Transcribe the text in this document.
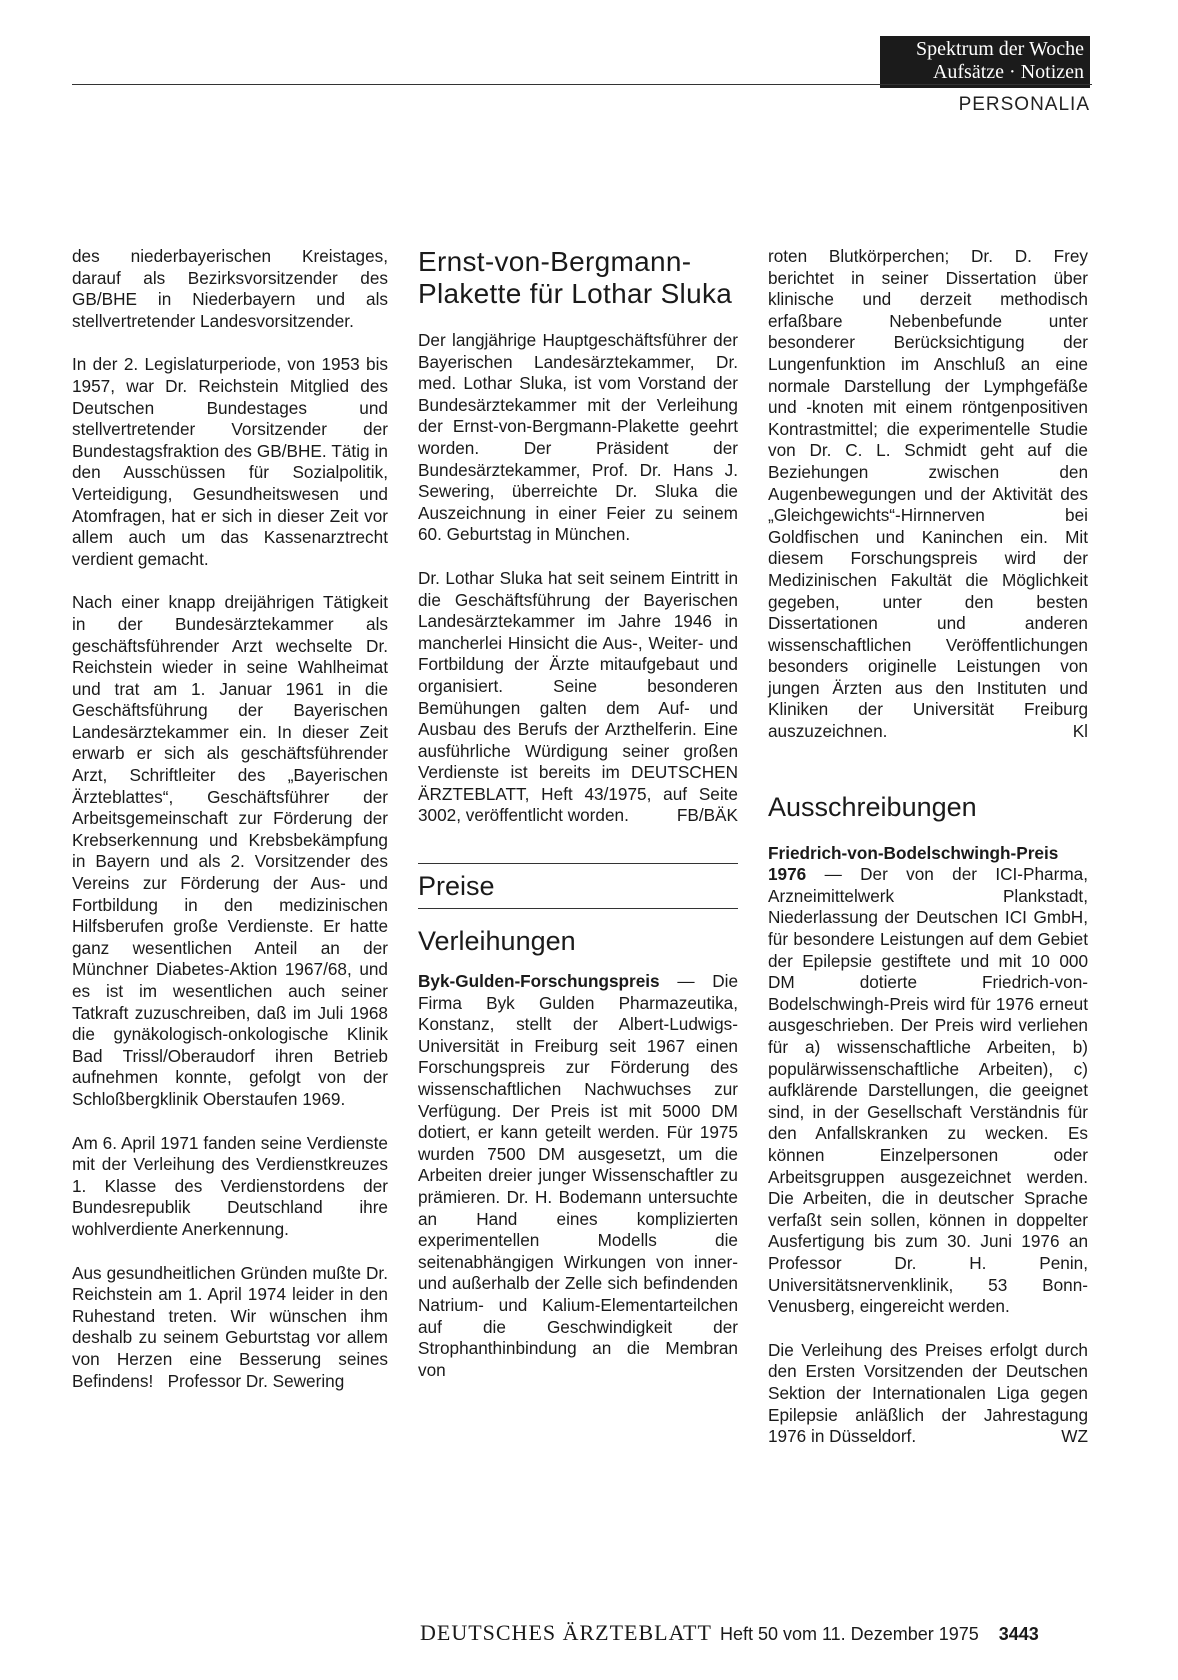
Spektrum der Woche
Aufsätze · Notizen
PERSONALIA

des niederbayerischen Kreistages, darauf als Bezirksvorsitzender des GB/BHE in Niederbayern und als stellvertretender Landesvorsitzender.

In der 2. Legislaturperiode, von 1953 bis 1957, war Dr. Reichstein Mitglied des Deutschen Bundestages und stellvertretender Vorsitzender der Bundestagsfraktion des GB/BHE. Tätig in den Ausschüssen für Sozialpolitik, Verteidigung, Gesundheitswesen und Atomfragen, hat er sich in dieser Zeit vor allem auch um das Kassenarztrecht verdient gemacht.

Nach einer knapp dreijährigen Tätigkeit in der Bundesärztekammer als geschäftsführender Arzt wechselte Dr. Reichstein wieder in seine Wahlheimat und trat am 1. Januar 1961 in die Geschäftsführung der Bayerischen Landesärztekammer ein. In dieser Zeit erwarb er sich als geschäftsführender Arzt, Schriftleiter des „Bayerischen Ärzteblattes“, Geschäftsführer der Arbeitsgemeinschaft zur Förderung der Krebserkennung und Krebsbekämpfung in Bayern und als 2. Vorsitzender des Vereins zur Förderung der Aus- und Fortbildung in den medizinischen Hilfsberufen große Verdienste. Er hatte ganz wesentlichen Anteil an der Münchner Diabetes-Aktion 1967/68, und es ist im wesentlichen auch seiner Tatkraft zuzuschreiben, daß im Juli 1968 die gynäkologisch-onkologische Klinik Bad Trissl/Oberaudorf ihren Betrieb aufnehmen konnte, gefolgt von der Schloßbergklinik Oberstaufen 1969.

Am 6. April 1971 fanden seine Verdienste mit der Verleihung des Verdienstkreuzes 1. Klasse des Verdienstordens der Bundesrepublik Deutschland ihre wohlverdiente Anerkennung.

Aus gesundheitlichen Gründen mußte Dr. Reichstein am 1. April 1974 leider in den Ruhestand treten. Wir wünschen ihm deshalb zu seinem Geburtstag vor allem von Herzen eine Besserung seines Befindens! Professor Dr. Sewering

Ernst-von-Bergmann-Plakette für Lothar Sluka

Der langjährige Hauptgeschäftsführer der Bayerischen Landesärztekammer, Dr. med. Lothar Sluka, ist vom Vorstand der Bundesärztekammer mit der Verleihung der Ernst-von-Bergmann-Plakette geehrt worden. Der Präsident der Bundesärztekammer, Prof. Dr. Hans J. Sewering, überreichte Dr. Sluka die Auszeichnung in einer Feier zu seinem 60. Geburtstag in München.

Dr. Lothar Sluka hat seit seinem Eintritt in die Geschäftsführung der Bayerischen Landesärztekammer im Jahre 1946 in mancherlei Hinsicht die Aus-, Weiter- und Fortbildung der Ärzte mitaufgebaut und organisiert. Seine besonderen Bemühungen galten dem Auf- und Ausbau des Berufs der Arzthelferin. Eine ausführliche Würdigung seiner großen Verdienste ist bereits im DEUTSCHEN ÄRZTEBLATT, Heft 43/1975, auf Seite 3002, veröffentlicht worden.	FB/BÄK

Preise
Verleihungen

Byk-Gulden-Forschungspreis — Die Firma Byk Gulden Pharmazeutika, Konstanz, stellt der Albert-Ludwigs-Universität in Freiburg seit 1967 einen Forschungspreis zur Förderung des wissenschaftlichen Nachwuchses zur Verfügung. Der Preis ist mit 5000 DM dotiert, er kann geteilt werden. Für 1975 wurden 7500 DM ausgesetzt, um die Arbeiten dreier junger Wissenschaftler zu prämieren. Dr. H. Bodemann untersuchte an Hand eines komplizierten experimentellen Modells die seitenabhängigen Wirkungen von inner- und außerhalb der Zelle sich befindenden Natrium- und Kalium-Elementarteilchen auf die Geschwindigkeit der Strophanthinbindung an die Membran von

roten Blutkörperchen; Dr. D. Frey berichtet in seiner Dissertation über klinische und derzeit methodisch erfaßbare Nebenbefunde unter besonderer Berücksichtigung der Lungenfunktion im Anschluß an eine normale Darstellung der Lymphgefäße und -knoten mit einem röntgenpositiven Kontrastmittel; die experimentelle Studie von Dr. C. L. Schmidt geht auf die Beziehungen zwischen den Augenbewegungen und der Aktivität des „Gleichgewichts“-Hirnnerven bei Goldfischen und Kaninchen ein. Mit diesem Forschungspreis wird der Medizinischen Fakultät die Möglichkeit gegeben, unter den besten Dissertationen und anderen wissenschaftlichen Veröffentlichungen besonders originelle Leistungen von jungen Ärzten aus den Instituten und Kliniken der Universität Freiburg auszuzeichnen.	Kl

Ausschreibungen

Friedrich-von-Bodelschwingh-Preis 1976 — Der von der ICI-Pharma, Arzneimittelwerk Plankstadt, Niederlassung der Deutschen ICI GmbH, für besondere Leistungen auf dem Gebiet der Epilepsie gestiftete und mit 10 000 DM dotierte Friedrich-von-Bodelschwingh-Preis wird für 1976 erneut ausgeschrieben. Der Preis wird verliehen für a) wissenschaftliche Arbeiten, b) populärwissenschaftliche Arbeiten), c) aufklärende Darstellungen, die geeignet sind, in der Gesellschaft Verständnis für den Anfallskranken zu wecken. Es können Einzelpersonen oder Arbeitsgruppen ausgezeichnet werden. Die Arbeiten, die in deutscher Sprache verfaßt sein sollen, können in doppelter Ausfertigung bis zum 30. Juni 1976 an Professor Dr. H. Penin, Universitätsnervenklinik, 53 Bonn-Venusberg, eingereicht werden.

Die Verleihung des Preises erfolgt durch den Ersten Vorsitzenden der Deutschen Sektion der Internationalen Liga gegen Epilepsie anläßlich der Jahrestagung 1976 in Düsseldorf.	WZ

DEUTSCHES ÄRZTEBLATT Heft 50 vom 11. Dezember 1975 3443
